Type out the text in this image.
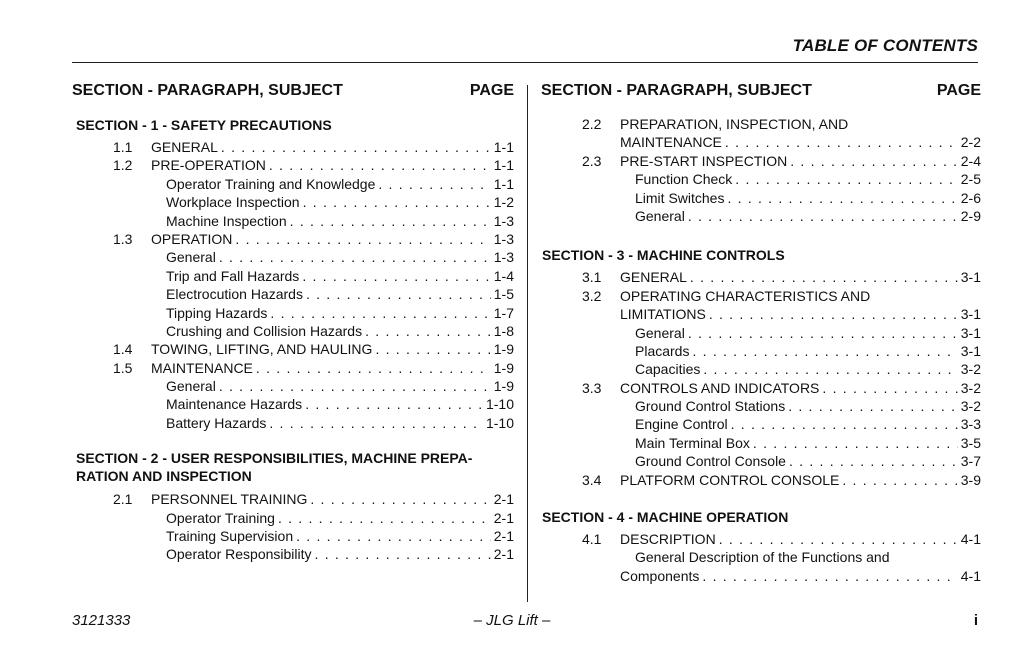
TABLE OF CONTENTS
SECTION - PARAGRAPH, SUBJECT	PAGE
SECTION - 1 - SAFETY PRECAUTIONS
1.1 GENERAL . . .	1-1
1.2 PRE-OPERATION . . .	1-1
Operator Training and Knowledge . . .	1-1
Workplace Inspection . . .	1-2
Machine Inspection . . .	1-3
1.3 OPERATION . . .	1-3
General . . .	1-3
Trip and Fall Hazards . . .	1-4
Electrocution Hazards . . .	1-5
Tipping Hazards . . .	1-7
Crushing and Collision Hazards . . .	1-8
1.4 TOWING, LIFTING, AND HAULING . . .	1-9
1.5 MAINTENANCE . . .	1-9
General . . .	1-9
Maintenance Hazards . . .	1-10
Battery Hazards . . .	1-10
SECTION - 2 - USER RESPONSIBILITIES, MACHINE PREPA-RATION AND INSPECTION
2.1 PERSONNEL TRAINING . . .	2-1
Operator Training . . .	2-1
Training Supervision . . .	2-1
Operator Responsibility . . .	2-1
SECTION - PARAGRAPH, SUBJECT	PAGE
2.2 PREPARATION, INSPECTION, AND
MAINTENANCE . . .	2-2
2.3 PRE-START INSPECTION . . .	2-4
Function Check . . .	2-5
Limit Switches . . .	2-6
General . . .	2-9
SECTION - 3 - MACHINE CONTROLS
3.1 GENERAL . . .	3-1
3.2 OPERATING CHARACTERISTICS AND
LIMITATIONS . . .	3-1
General . . .	3-1
Placards . . .	3-1
Capacities . . .	3-2
3.3 CONTROLS AND INDICATORS . . .	3-2
Ground Control Stations . . .	3-2
Engine Control . . .	3-3
Main Terminal Box . . .	3-5
Ground Control Console . . .	3-7
3.4 PLATFORM CONTROL CONSOLE . . .	3-9
SECTION - 4 - MACHINE OPERATION
4.1 DESCRIPTION . . .	4-1
General Description of the Functions and
Components . . .	4-1
3121333	– JLG Lift –	i
